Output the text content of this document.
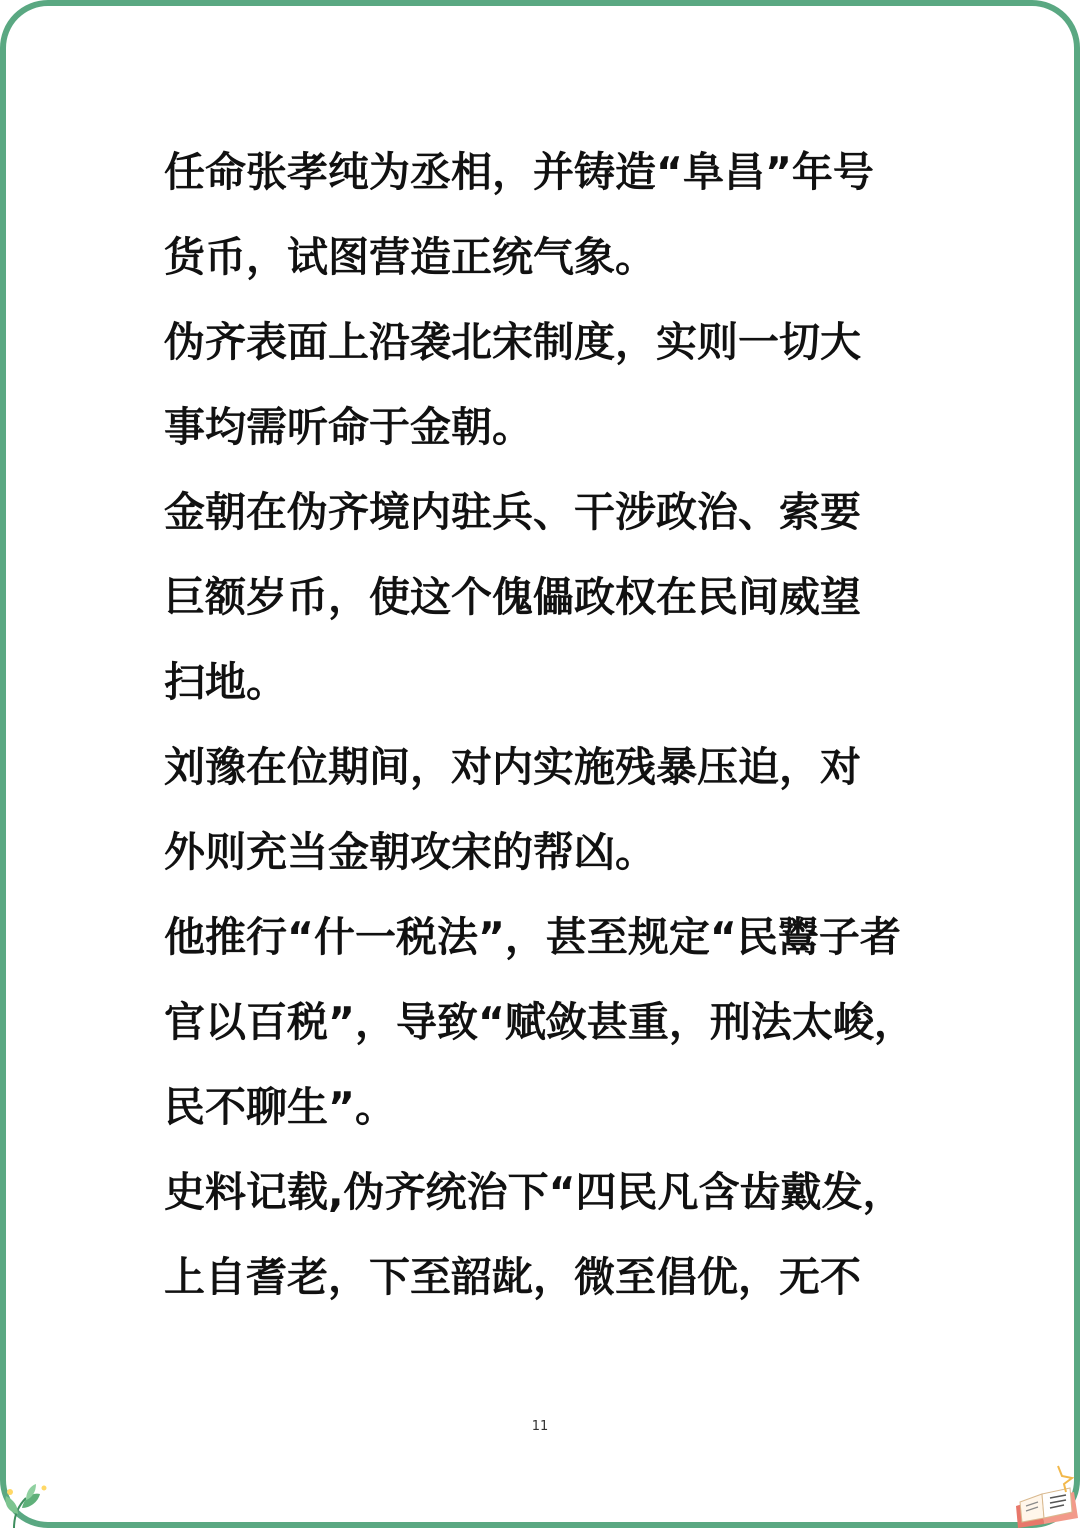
任命张孝纯为丞相，并铸造“阜昌”年号
货币，试图营造正统气象。
伪齐表面上沿袭北宋制度，实则一切大
事均需听命于金朝。
金朝在伪齐境内驻兵、干涉政治、索要
巨额岁币，使这个傀儡政权在民间威望
扫地。
刘豫在位期间，对内实施残暴压迫，对
外则充当金朝攻宋的帮凶。
他推行“什一税法”，甚至规定“民鬻子者
官以百税”，导致“赋敛甚重，刑法太峻，
民不聊生”。
史料记载,伪齐统治下“四民凡含齿戴发，
上自耆老，下至韶龀，微至倡优，无不
11
